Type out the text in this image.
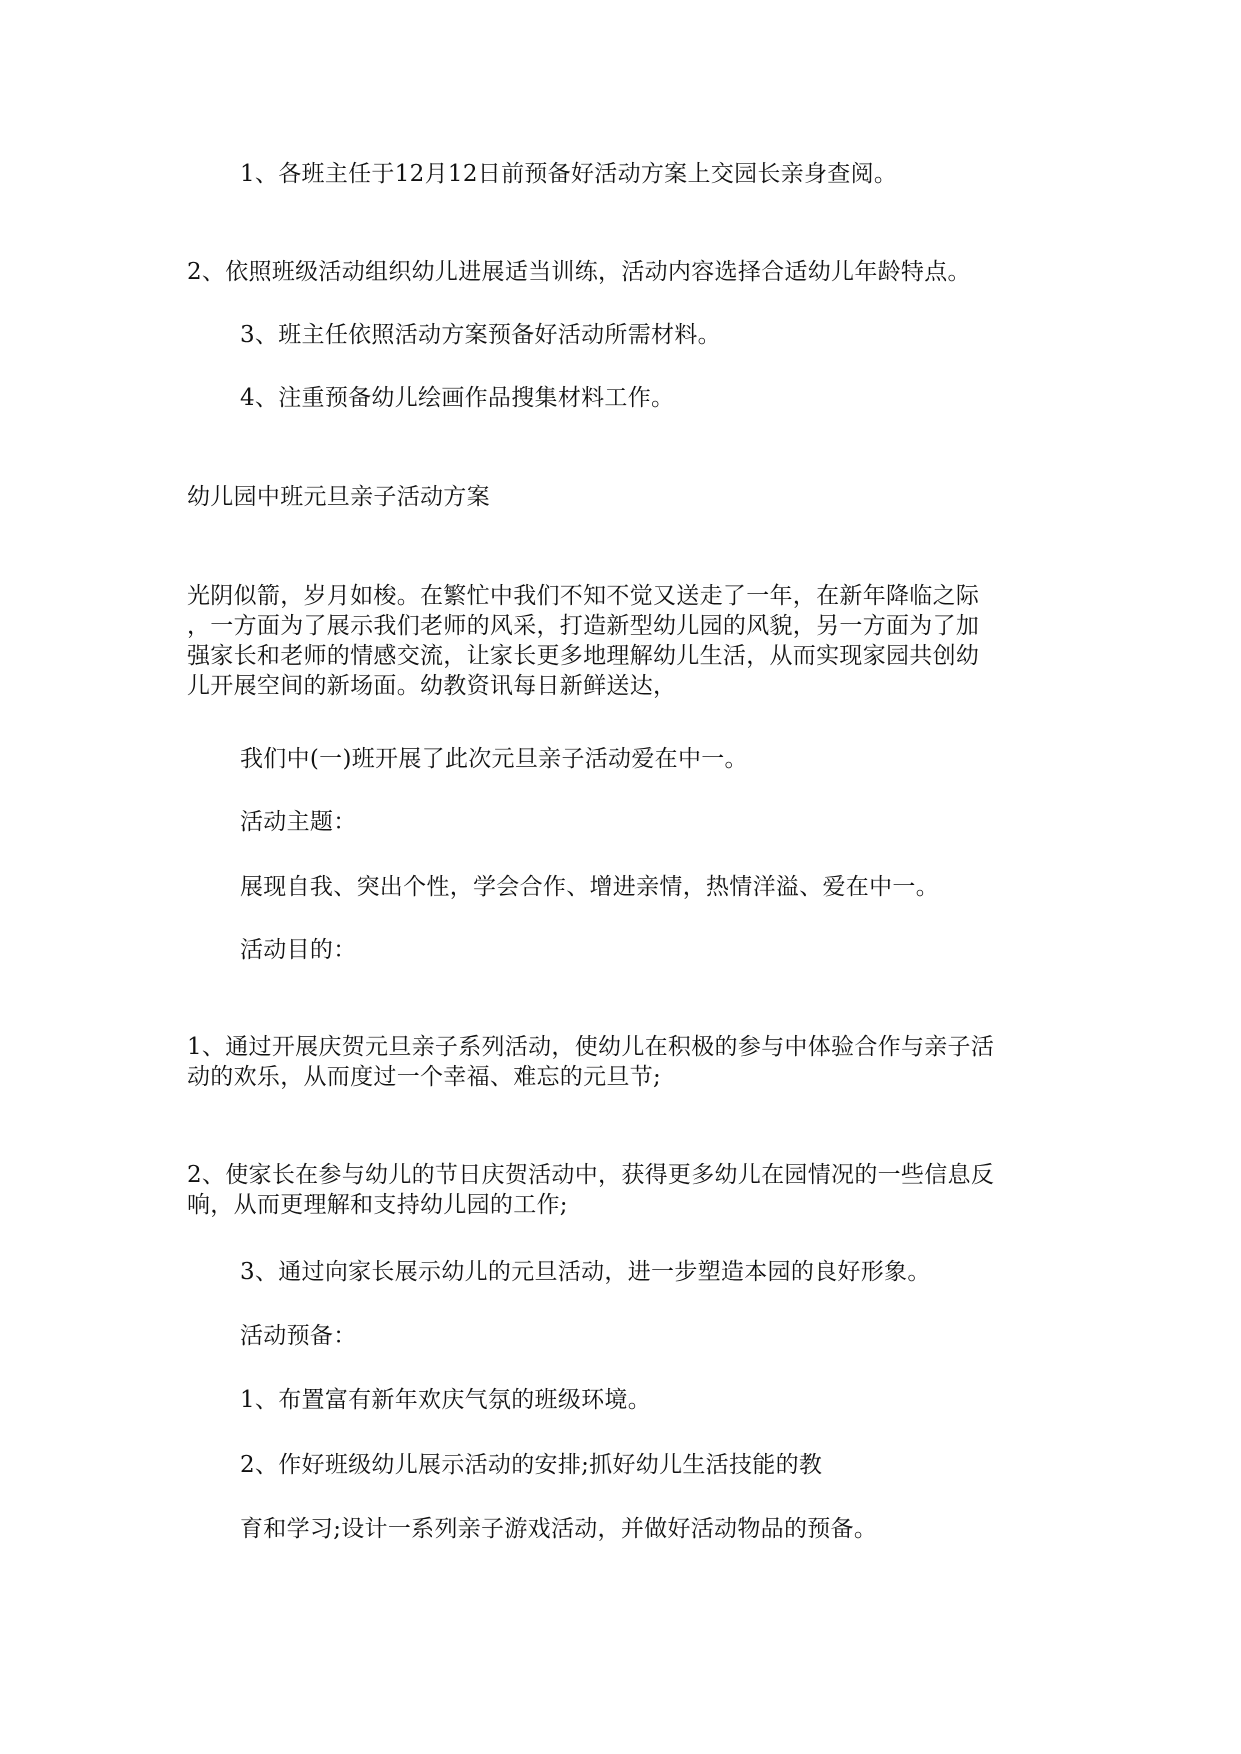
1、各班主任于12月12日前预备好活动方案上交园长亲身查阅。

2、依照班级活动组织幼儿进展适当训练，活动内容选择合适幼儿年龄特点。

3、班主任依照活动方案预备好活动所需材料。

4、注重预备幼儿绘画作品搜集材料工作。

幼儿园中班元旦亲子活动方案

光阴似箭，岁月如梭。在繁忙中我们不知不觉又送走了一年，在新年降临之际
，一方面为了展示我们老师的风采，打造新型幼儿园的风貌，另一方面为了加
强家长和老师的情感交流，让家长更多地理解幼儿生活，从而实现家园共创幼
儿开展空间的新场面。幼教资讯每日新鲜送达，

我们中(一)班开展了此次元旦亲子活动爱在中一。

活动主题：

展现自我、突出个性，学会合作、增进亲情，热情洋溢、爱在中一。

活动目的：

1、通过开展庆贺元旦亲子系列活动，使幼儿在积极的参与中体验合作与亲子活
动的欢乐，从而度过一个幸福、难忘的元旦节;

2、使家长在参与幼儿的节日庆贺活动中，获得更多幼儿在园情况的一些信息反
响，从而更理解和支持幼儿园的工作;

3、通过向家长展示幼儿的元旦活动，进一步塑造本园的良好形象。

活动预备：

1、布置富有新年欢庆气氛的班级环境。

2、作好班级幼儿展示活动的安排;抓好幼儿生活技能的教

育和学习;设计一系列亲子游戏活动，并做好活动物品的预备。
